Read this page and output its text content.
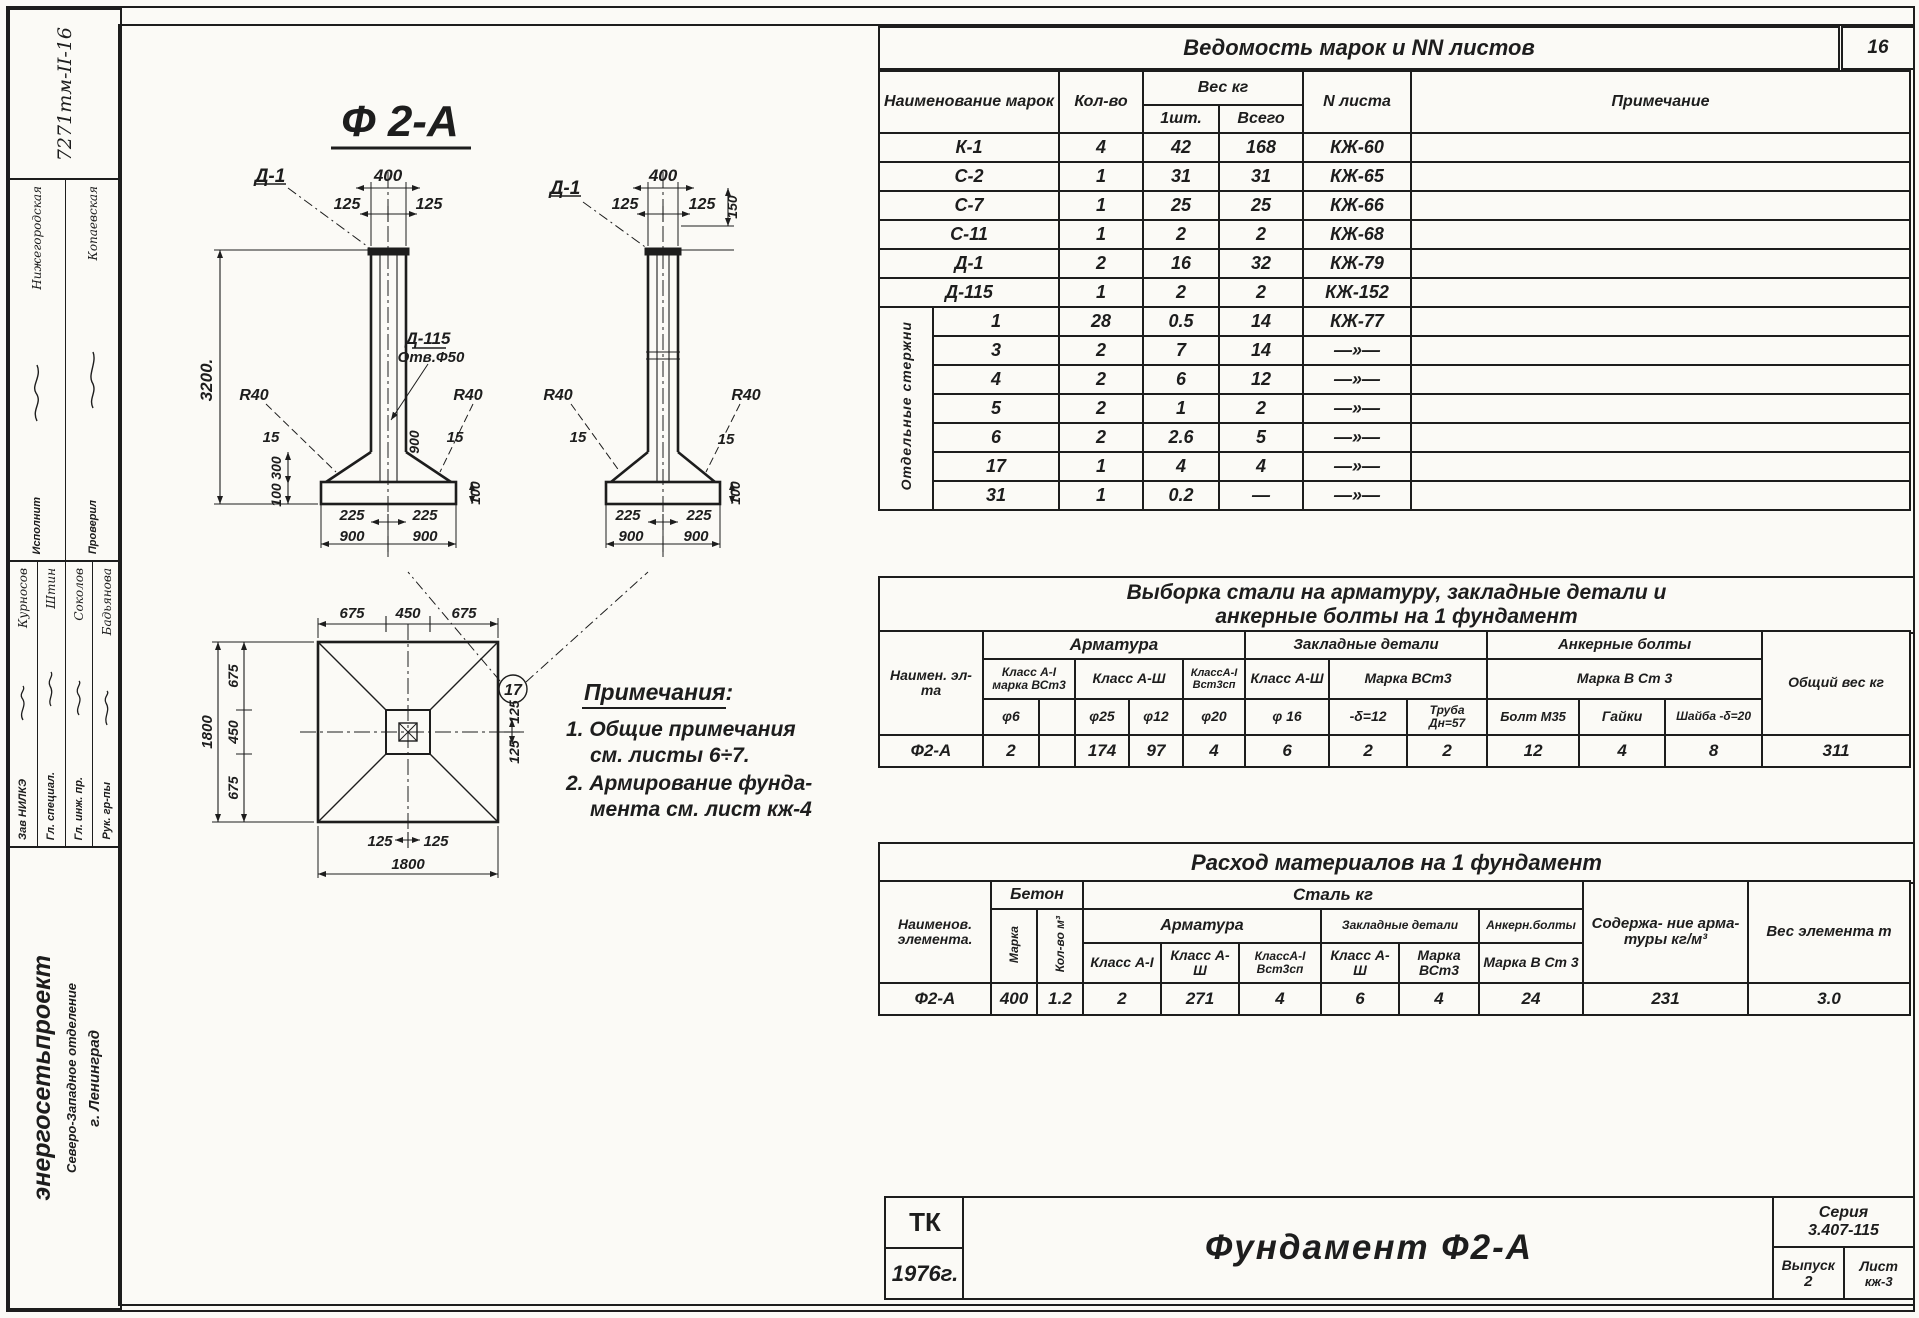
7271тм-II-16
Нижегородская
Исполнит
Копаевская
Проверил
Курносов
Зав НИЛКЭ
Штин
Гл. специал.
Соколов
Гл. инж. пр.
Бадьянова
Рук. гр-пы
энергосетьпроект Северо-Западное отделение г. Ленинград
Ф 2-А
Д-1	400
125	125
3200.
Д-115
Отв.Ф50
R40	R40
15	15
300
100
900
100
225	225
900	900
Д-1
400
125	125 150
R40	R40
15	15
100
225	225
900	900
17
675 450 675
1800
675
450
675
125
125
125 125
1800
Примечания:
1. Общие примечания
см. листы 6÷7.
2. Армирование фунда-
мента см. лист кж-4
Ведомость марок и NN листов	16
Наименование марок		Кол-во	Вес кг		N листа	Примечание
			1шт.	Всего		
К-1		4	42	168	КЖ-60	
С-2		1	31	31	КЖ-65	
С-7		1	25	25	КЖ-66	
С-11		1	2	2	КЖ-68	
Д-1		2	16	32	КЖ-79	
Д-115		1	2	2	КЖ-152	
Отдельные стержни	1	28	0.5	14	КЖ-77	
	3	2	7	14	—»—	
	4	2	6	12	—»—	
	5	2	1	2	—»—	
	6	2	2.6	5	—»—	
	17	1	4	4	—»—	
	31	1	0.2	—	—»—	
Выборка стали на арматуру, закладные детали и
анкерные болты на 1 фундамент
Наимен. эл-та	Арматура					Закладные детали			Анкерные болты			Общий вес кг
	Класс А-I марка ВСт3		Класс А-Ш		КлассА-I Вст3сп	Класс А-Ш	Марка ВСт3		Марка В Ст 3			
	φ6		φ25	φ12	φ20	φ 16	-δ=12	Труба Дн=57	Болт М35	Гайки	Шайба -δ=20	
Ф2-А	2		174	97	4	6	2	2	12	4	8	311
Расход материалов на 1 фундамент
Наименов. элемента.	Бетон		Сталь кг						Содержа- ние арма- туры кг/м³	Вес элемента т
	Марка	Кол-во м³	Арматура			Закладные детали		Анкерн.болты		
			Класс А-I	Класс А-Ш	КлассА-I Вст3сп	Класс А-Ш	Марка ВСт3	Марка В Ст 3		
Ф2-А	400	1.2	2	271	4	6	4	24	231	3.0
ТК
1976г.
Фундамент Ф2-А
Серия
3.407-115
Выпуск
2
Лист
кж-3
